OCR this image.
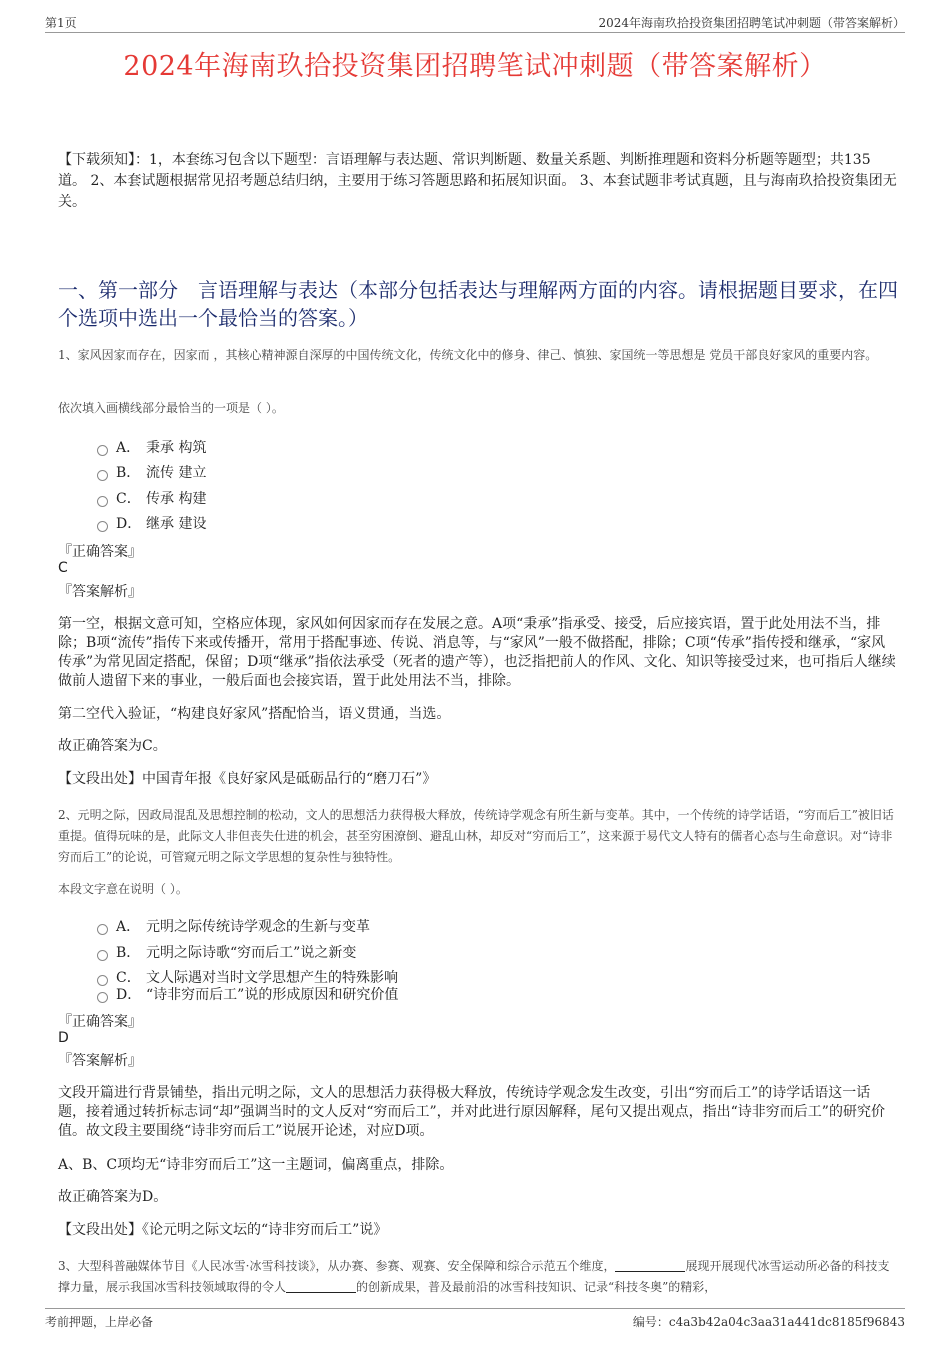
第1页	2024年海南玖拾投资集团招聘笔试冲刺题（带答案解析）
2024年海南玖拾投资集团招聘笔试冲刺题（带答案解析）
【下载须知】：1，本套练习包含以下题型：言语理解与表达题、常识判断题、数量关系题、判断推理题和资料分析题等题型；共135道。 2、本套试题根据常见招考题总结归纳，主要用于练习答题思路和拓展知识面。 3、本套试题非考试真题，且与海南玖拾投资集团无关。
一、第一部分　言语理解与表达（本部分包括表达与理解两方面的内容。请根据题目要求，在四个选项中选出一个最恰当的答案。）
1、家风因家而存在，因家而 ，其核心精神源自深厚的中国传统文化，传统文化中的修身、律己、慎独、家国统一等思想是 党员干部良好家风的重要内容。
依次填入画横线部分最恰当的一项是（ ）。
A． 秉承 构筑
B． 流传 建立
C． 传承 构建
D． 继承 建设
『正确答案』
C
『答案解析』
第一空，根据文意可知，空格应体现，家风如何因家而存在发展之意。A项“秉承”指承受、接受，后应接宾语，置于此处用法不当，排除；B项“流传”指传下来或传播开，常用于搭配事迹、传说、消息等，与“家风”一般不做搭配，排除；C项“传承”指传授和继承，“家风传承”为常见固定搭配，保留；D项“继承”指依法承受（死者的遗产等），也泛指把前人的作风、文化、知识等接受过来，也可指后人继续做前人遗留下来的事业，一般后面也会接宾语，置于此处用法不当，排除。
第二空代入验证，“构建良好家风”搭配恰当，语义贯通，当选。
故正确答案为C。
【文段出处】中国青年报《良好家风是砥砺品行的“磨刀石”》
2、元明之际，因政局混乱及思想控制的松动，文人的思想活力获得极大释放，传统诗学观念有所生新与变革。其中，一个传统的诗学话语，“穷而后工”被旧话重提。值得玩味的是，此际文人非但丧失仕进的机会，甚至穷困潦倒、避乱山林，却反对“穷而后工”，这来源于易代文人特有的儒者心态与生命意识。对“诗非穷而后工”的论说，可管窥元明之际文学思想的复杂性与独特性。
本段文字意在说明（ ）。
A． 元明之际传统诗学观念的生新与变革
B． 元明之际诗歌“穷而后工”说之新变
C． 文人际遇对当时文学思想产生的特殊影响
D． “诗非穷而后工”说的形成原因和研究价值
『正确答案』
D
『答案解析』
文段开篇进行背景铺垫，指出元明之际，文人的思想活力获得极大释放，传统诗学观念发生改变，引出“穷而后工”的诗学话语这一话题，接着通过转折标志词“却”强调当时的文人反对“穷而后工”，并对此进行原因解释，尾句又提出观点，指出“诗非穷而后工”的研究价值。故文段主要围绕“诗非穷而后工”说展开论述，对应D项。
A、B、C项均无“诗非穷而后工”这一主题词，偏离重点，排除。
故正确答案为D。
【文段出处】《论元明之际文坛的“诗非穷而后工”说》
3、大型科普融媒体节目《人民冰雪·冰雪科技谈》，从办赛、参赛、观赛、安全保障和综合示范五个维度，	展现开展现代冰雪运动所必备的科技支撑力量，展示我国冰雪科技领域取得的令人	的创新成果，普及最前沿的冰雪科技知识、记录“科技冬奥”的精彩，
考前押题，上岸必备	编号：c4a3b42a04c3aa31a441dc8185f96843
